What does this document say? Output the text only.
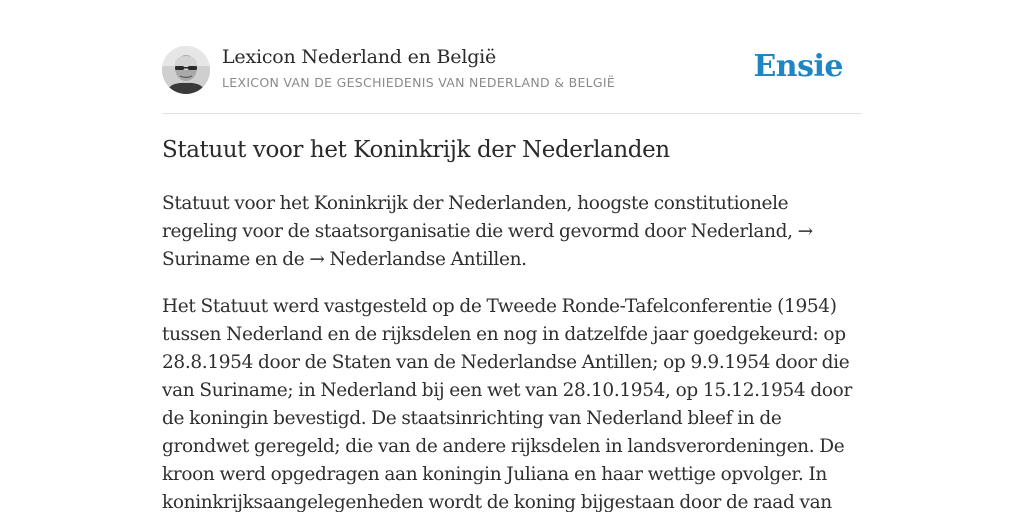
Lexicon Nederland en België
LEXICON VAN DE GESCHIEDENIS VAN NEDERLAND & BELGIË	Ensie
Statuut voor het Koninkrijk der Nederlanden

Statuut voor het Koninkrijk der Nederlanden, hoogste constitutionele regeling voor de staatsorganisatie die werd gevormd door Nederland, → Suriname en de → Nederlandse Antillen.

Het Statuut werd vastgesteld op de Tweede Ronde-Tafelconferentie (1954) tussen Nederland en de rijksdelen en nog in datzelfde jaar goedgekeurd: op 28.8.1954 door de Staten van de Nederlandse Antillen; op 9.9.1954 door die van Suriname; in Nederland bij een wet van 28.10.1954, op 15.12.1954 door de koningin bevestigd. De staatsinrichting van Nederland bleef in de grondwet geregeld; die van de andere rijksdelen in landsverordeningen. De kroon werd opgedragen aan koningin Juliana en haar wettige opvolger. In koninkrijksaangelegenheden wordt de koning bijgestaan door de raad van
